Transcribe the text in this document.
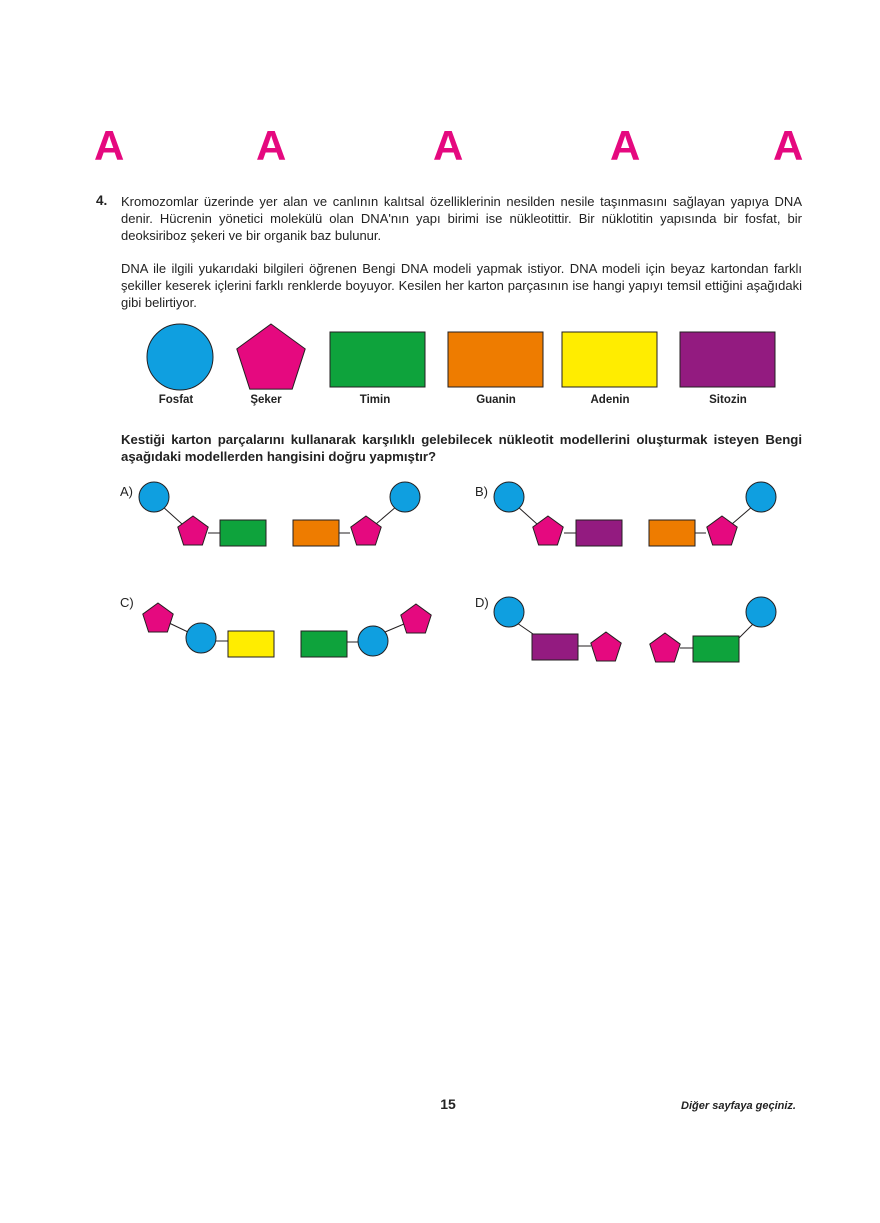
A	A	A	A	A
4. Kromozomlar üzerinde yer alan ve canlının kalıtsal özelliklerinin nesilden nesile taşınmasını sağlayan yapıya DNA denir. Hücrenin yönetici molekülü olan DNA'nın yapı birimi ise nükleotittir. Bir nüklotitin yapısında bir fosfat, bir deoksiriboz şekeri ve bir organik baz bulunur.

DNA ile ilgili yukarıdaki bilgileri öğrenen Bengi DNA modeli yapmak istiyor. DNA modeli için beyaz kartondan farklı şekiller keserek içlerini farklı renklerde boyuyor. Kesilen her karton parçasının ise hangi yapıyı temsil ettiğini aşağıdaki gibi belirtiyor.

Fosfat	Şeker	Timin	Guanin	Adenin	Sitozin

Kestiği karton parçalarını kullanarak karşılıklı gelebilecek nükleotit modellerini oluşturmak isteyen Bengi aşağıdaki modellerden hangisini doğru yapmıştır?

A)	B)
C)	D)
15	Diğer sayfaya geçiniz.
